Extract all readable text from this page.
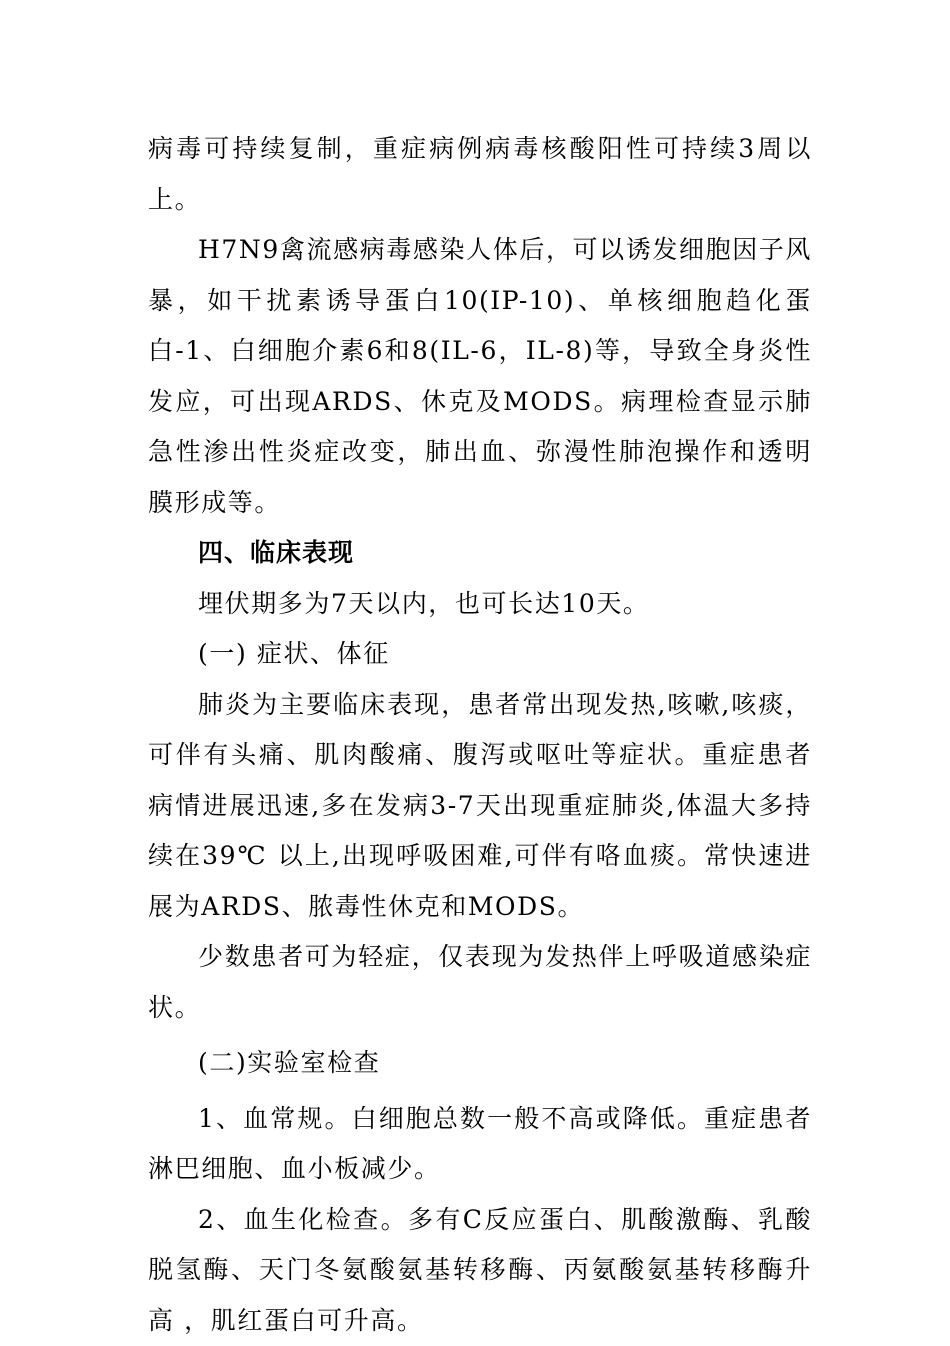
病毒可持续复制，重症病例病毒核酸阳性可持续3周以上。

H7N9禽流感病毒感染人体后，可以诱发细胞因子风暴，如干扰素诱导蛋白10(IP-10)、单核细胞趋化蛋白-1、白细胞介素6和8(IL-6，IL-8)等，导致全身炎性发应，可出现ARDS、休克及MODS。病理检查显示肺急性渗出性炎症改变，肺出血、弥漫性肺泡操作和透明膜形成等。

四、临床表现

埋伏期多为7天以内，也可长达10天。

(一) 症状、体征

肺炎为主要临床表现，患者常出现发热,咳嗽,咳痰，可伴有头痛、肌肉酸痛、腹泻或呕吐等症状。重症患者病情进展迅速,多在发病3-7天出现重症肺炎,体温大多持续在39℃ 以上,出现呼吸困难,可伴有咯血痰。常快速进展为ARDS、脓毒性休克和MODS。

少数患者可为轻症，仅表现为发热伴上呼吸道感染症状。

(二)实验室检查

1、血常规。白细胞总数一般不高或降低。重症患者淋巴细胞、血小板减少。

2、血生化检查。多有C反应蛋白、肌酸激酶、乳酸脱氢酶、天门冬氨酸氨基转移酶、丙氨酸氨基转移酶升高 ，肌红蛋白可升高。
